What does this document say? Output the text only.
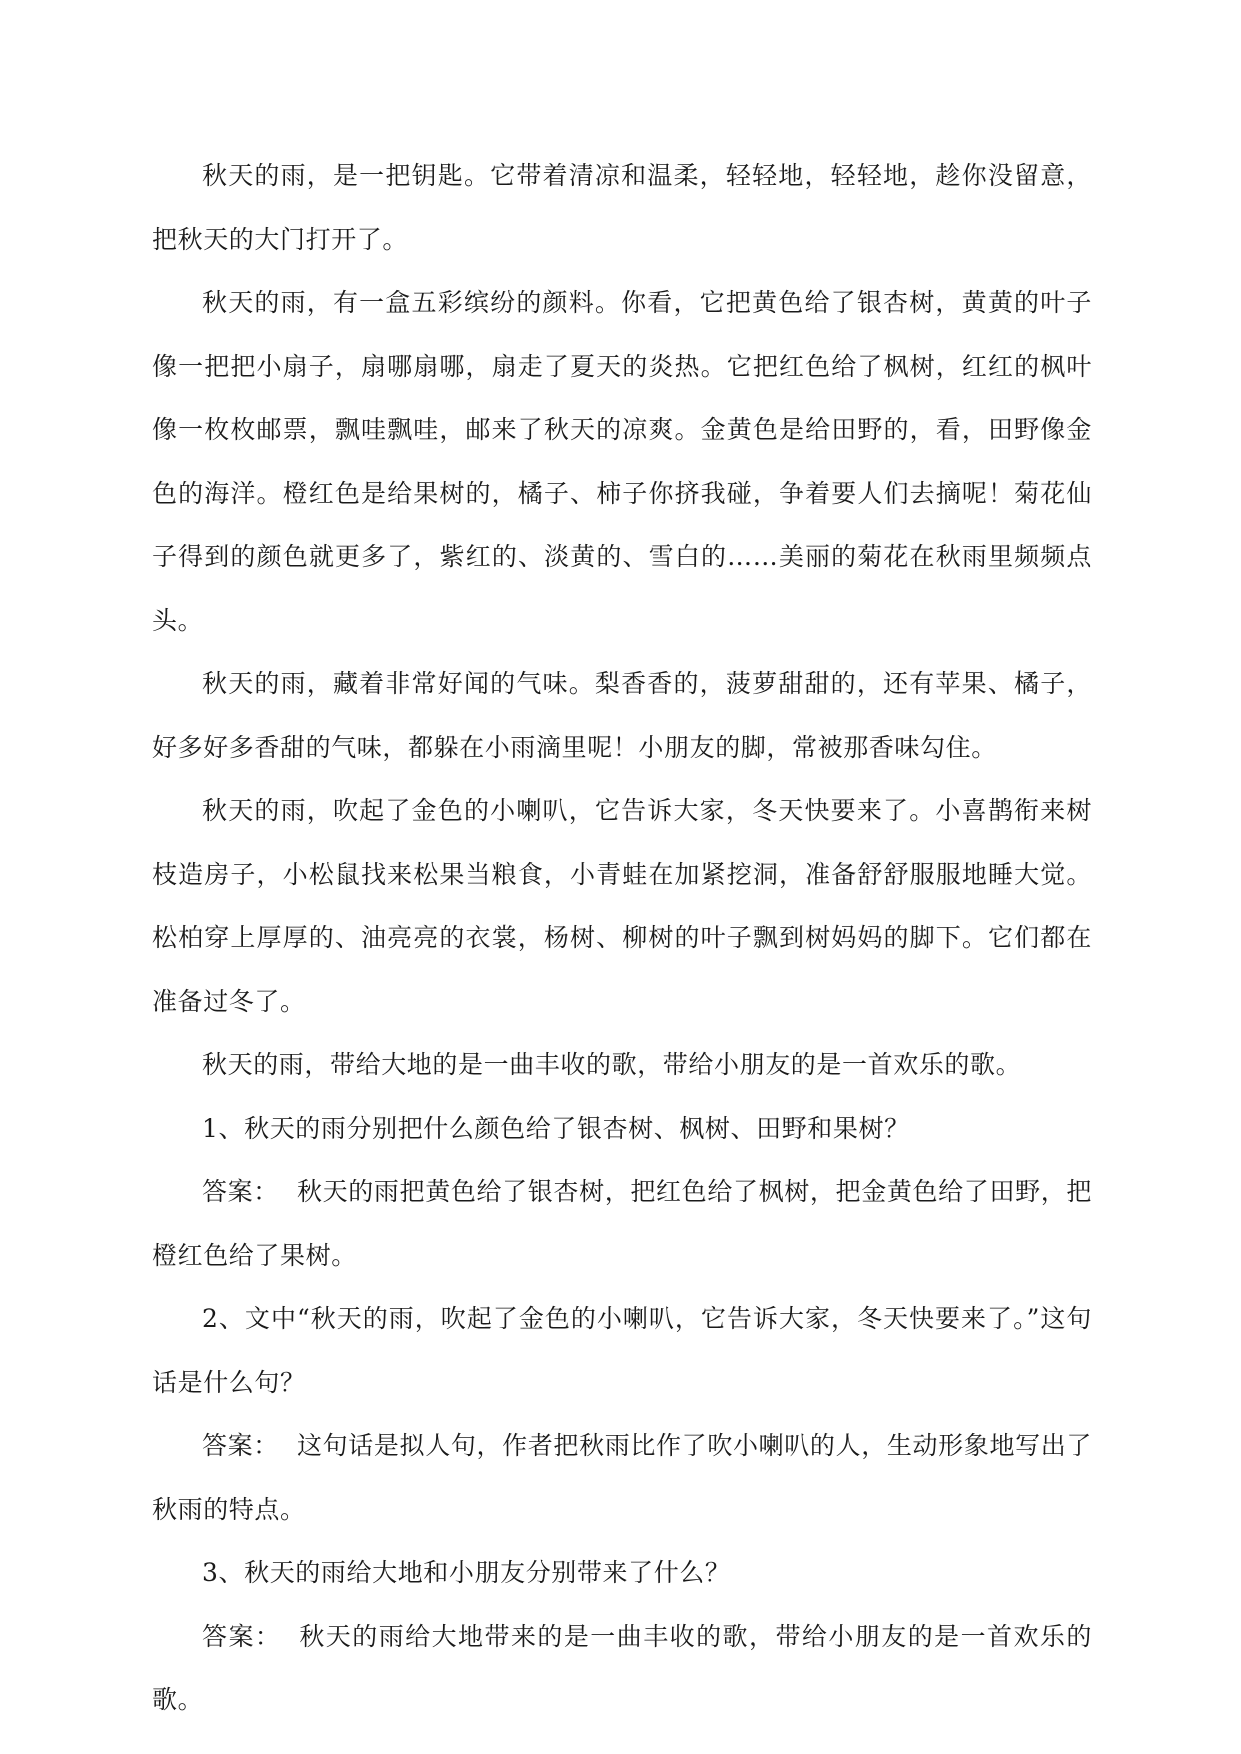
秋天的雨，是一把钥匙。它带着清凉和温柔，轻轻地，轻轻地，趁你没留意，把秋天的大门打开了。

秋天的雨，有一盒五彩缤纷的颜料。你看，它把黄色给了银杏树，黄黄的叶子像一把把小扇子，扇哪扇哪，扇走了夏天的炎热。它把红色给了枫树，红红的枫叶像一枚枚邮票，飘哇飘哇，邮来了秋天的凉爽。金黄色是给田野的，看，田野像金色的海洋。橙红色是给果树的，橘子、柿子你挤我碰，争着要人们去摘呢！菊花仙子得到的颜色就更多了，紫红的、淡黄的、雪白的……美丽的菊花在秋雨里频频点头。

秋天的雨，藏着非常好闻的气味。梨香香的，菠萝甜甜的，还有苹果、橘子，好多好多香甜的气味，都躲在小雨滴里呢！小朋友的脚，常被那香味勾住。

秋天的雨，吹起了金色的小喇叭，它告诉大家，冬天快要来了。小喜鹊衔来树枝造房子，小松鼠找来松果当粮食，小青蛙在加紧挖洞，准备舒舒服服地睡大觉。松柏穿上厚厚的、油亮亮的衣裳，杨树、柳树的叶子飘到树妈妈的脚下。它们都在准备过冬了。

秋天的雨，带给大地的是一曲丰收的歌，带给小朋友的是一首欢乐的歌。

1、秋天的雨分别把什么颜色给了银杏树、枫树、田野和果树？

答案： 秋天的雨把黄色给了银杏树，把红色给了枫树，把金黄色给了田野，把橙红色给了果树。

2、文中“秋天的雨，吹起了金色的小喇叭，它告诉大家，冬天快要来了。”这句话是什么句？

答案： 这句话是拟人句，作者把秋雨比作了吹小喇叭的人，生动形象地写出了秋雨的特点。

3、秋天的雨给大地和小朋友分别带来了什么？

答案： 秋天的雨给大地带来的是一曲丰收的歌，带给小朋友的是一首欢乐的歌。
